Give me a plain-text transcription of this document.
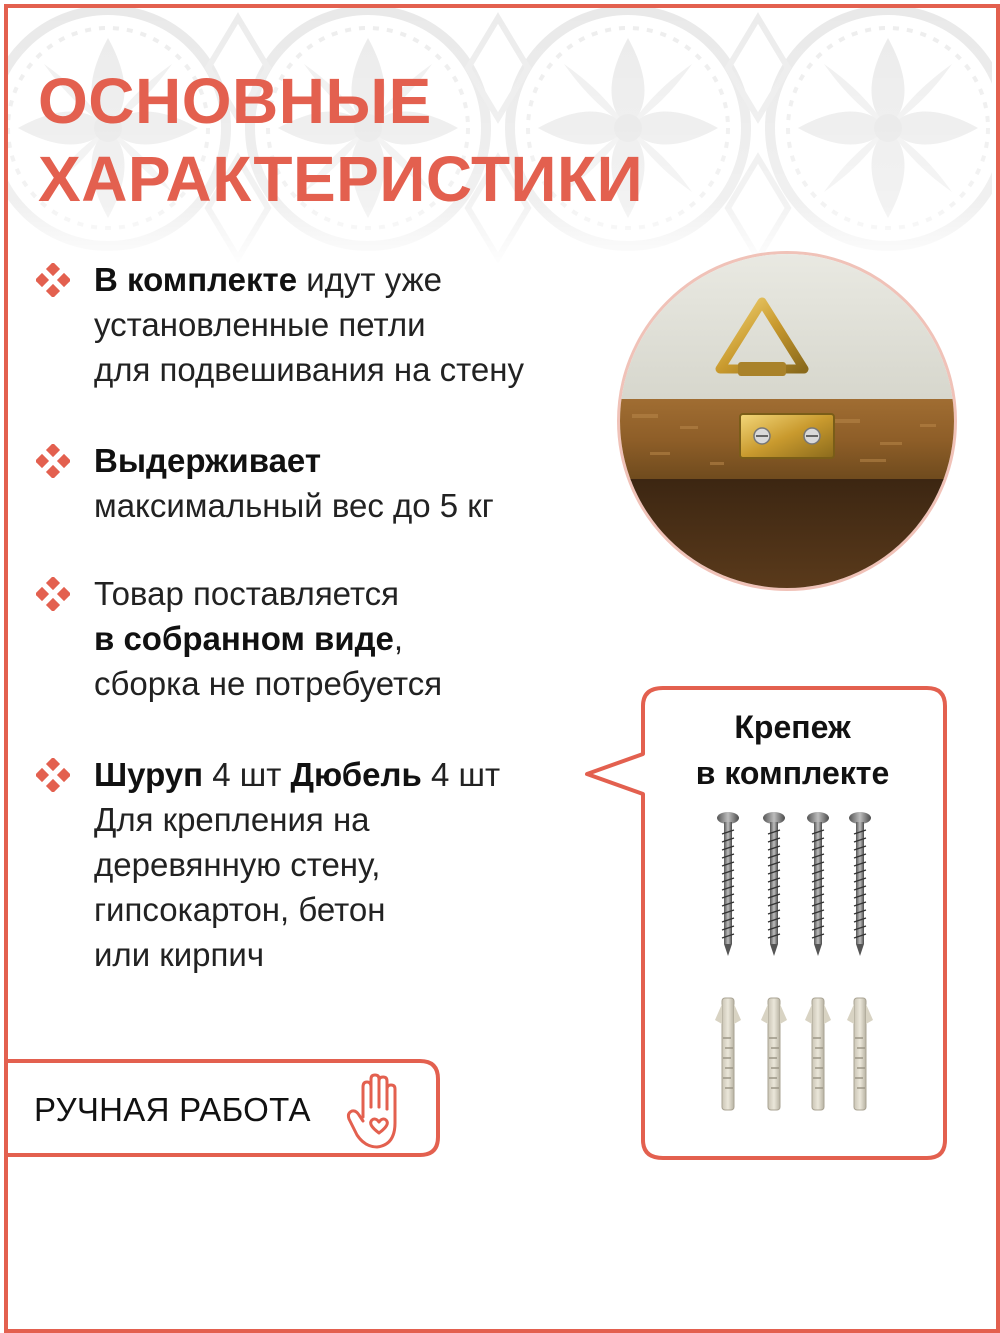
ОСНОВНЫЕ
ХАРАКТЕРИСТИКИ
В комплекте идут уже
установленные петли
для подвешивания на стену
Выдерживает
максимальный вес до 5 кг
Товар поставляется
в собранном виде,
сборка не потребуется
Шуруп 4 шт Дюбель 4 шт
Для крепления на
деревянную стену,
гипсокартон, бетон
или кирпич
Крепеж
в комплекте
РУЧНАЯ РАБОТА
